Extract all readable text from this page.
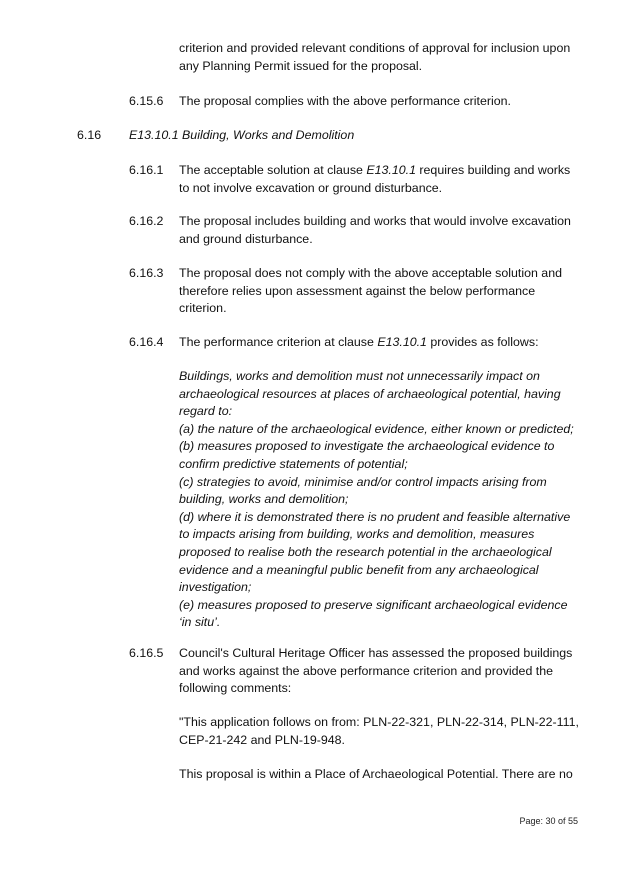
criterion and provided relevant conditions of approval for inclusion upon
any Planning Permit issued for the proposal.
6.15.6 The proposal complies with the above performance criterion.
6.16 E13.10.1 Building, Works and Demolition
6.16.1 The acceptable solution at clause E13.10.1 requires building and works
to not involve excavation or ground disturbance.
6.16.2 The proposal includes building and works that would involve excavation
and ground disturbance.
6.16.3 The proposal does not comply with the above acceptable solution and
therefore relies upon assessment against the below performance
criterion.
6.16.4 The performance criterion at clause E13.10.1 provides as follows:
Buildings, works and demolition must not unnecessarily impact on
archaeological resources at places of archaeological potential, having
regard to:
(a) the nature of the archaeological evidence, either known or predicted;
(b) measures proposed to investigate the archaeological evidence to
confirm predictive statements of potential;
(c) strategies to avoid, minimise and/or control impacts arising from
building, works and demolition;
(d) where it is demonstrated there is no prudent and feasible alternative
to impacts arising from building, works and demolition, measures
proposed to realise both the research potential in the archaeological
evidence and a meaningful public benefit from any archaeological
investigation;
(e) measures proposed to preserve significant archaeological evidence
‘in situ’.
6.16.5 Council's Cultural Heritage Officer has assessed the proposed buildings
and works against the above performance criterion and provided the
following comments:
"This application follows on from: PLN-22-321, PLN-22-314, PLN-22-111,
CEP-21-242 and PLN-19-948.
This proposal is within a Place of Archaeological Potential. There are no
Page: 30 of 55
